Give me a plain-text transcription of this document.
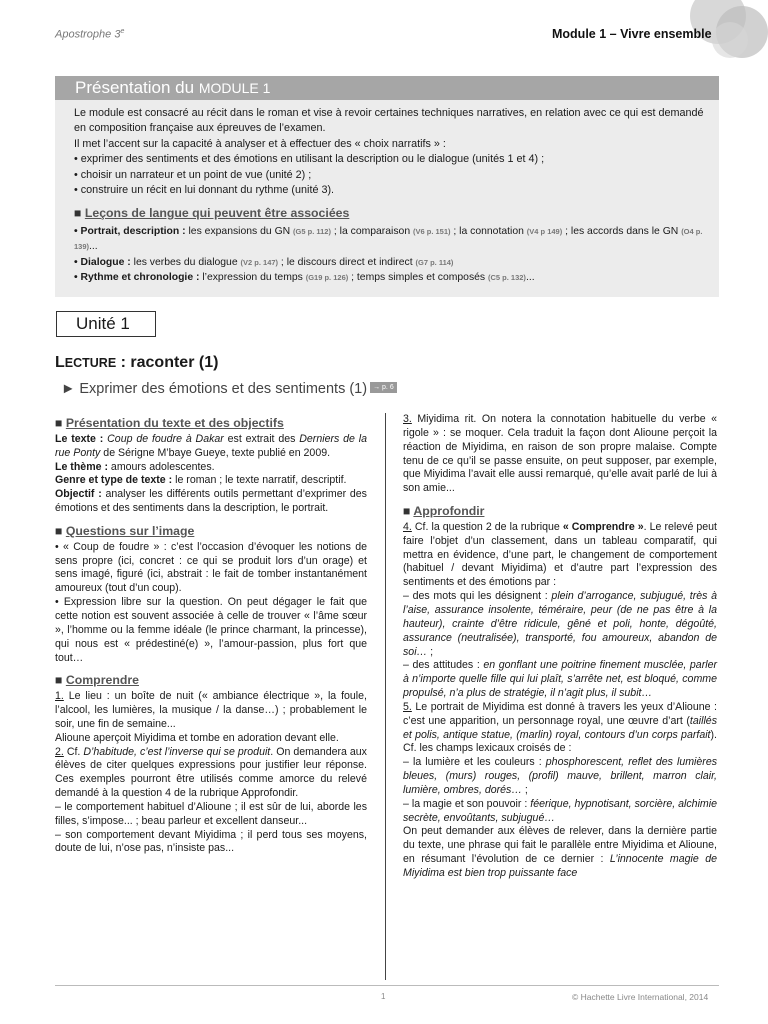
Apostrophe 3e	Module 1 – Vivre ensemble
Présentation du MODULE 1

Le module est consacré au récit dans le roman et vise à revoir certaines techniques narratives, en relation avec ce qui est demandé en composition française aux épreuves de l’examen.

Il met l’accent sur la capacité à analyser et à effectuer des « choix narratifs » :

• exprimer des sentiments et des émotions en utilisant la description ou le dialogue (unités 1 et 4) ;

• choisir un narrateur et un point de vue (unité 2) ;

• construire un récit en lui donnant du rythme (unité 3).

■ Leçons de langue qui peuvent être associées

• Portrait, description : les expansions du GN (G5 p. 112) ; la comparaison (V6 p. 151) ; la connotation (V4 p 149) ; les accords dans le GN (O4 p. 139)...

• Dialogue : les verbes du dialogue (V2 p. 147) ; le discours direct et indirect (G7 p. 114)

• Rythme et chronologie : l’expression du temps (G19 p. 126) ; temps simples et composés (C5 p. 132)...

Unité 1
LECTURE : raconter (1)
► Exprimer des émotions et des sentiments (1) → p. 6

■ Présentation du texte et des objectifs

Le texte : Coup de foudre à Dakar est extrait des Derniers de la rue Ponty de Sérigne M’baye Gueye, texte publié en 2009.

Le thème : amours adolescentes.

Genre et type de texte : le roman ; le texte narratif, descriptif.

Objectif : analyser les différents outils permettant d’exprimer des émotions et des sentiments dans la description, le portrait.

■ Questions sur l’image

• « Coup de foudre » : c’est l’occasion d’évoquer les notions de sens propre (ici, concret : ce qui se produit lors d’un orage) et sens imagé, figuré (ici, abstrait : le fait de tomber instantanément amoureux (tout d’un coup).

• Expression libre sur la question. On peut dégager le fait que cette notion est souvent associée à celle de trouver « l’âme sœur », l’homme ou la femme idéale (le prince charmant, la princesse), qui nous est « prédestiné(e) », l’amour-passion, plus fort que tout…

■ Comprendre

1. Le lieu : un boîte de nuit (« ambiance électrique », la foule, l’alcool, les lumières, la musique / la danse…) ; probablement le soir, une fin de semaine...

Alioune aperçoit Miyidima et tombe en adoration devant elle.

2. Cf. D’habitude, c’est l’inverse qui se produit. On demandera aux élèves de citer quelques expressions pour justifier leur réponse. Ces exemples pourront être utilisés comme amorce du relevé demandé à la question 4 de la rubrique Approfondir.

– le comportement habituel d’Alioune ; il est sûr de lui, aborde les filles, s’impose... ; beau parleur et excellent danseur...

– son comportement devant Miyidima ; il perd tous ses moyens, doute de lui, n’ose pas, n’insiste pas...

3. Miyidima rit. On notera la connotation habituelle du verbe « rigole » : se moquer. Cela traduit la façon dont Alioune perçoit la réaction de Miyidima, en raison de son propre malaise. Compte tenu de ce qu’il se passe ensuite, on peut supposer, par exemple, que Miyidima l’avait elle aussi remarqué, qu’elle avait parlé de lui à son amie...

■ Approfondir

4. Cf. la question 2 de la rubrique « Comprendre ». Le relevé peut faire l’objet d’un classement, dans un tableau comparatif, qui mettra en évidence, d’une part, le changement de comportement (habituel / devant Miyidima) et d’autre part l’expression des sentiments et des émotions par :

– des mots qui les désignent : plein d’arrogance, subjugué, très à l’aise, assurance insolente, téméraire, peur (de ne pas être à la hauteur), crainte d’être ridicule, gêné et poli, honte, dégoûté, assurance (neutralisée), transporté, fou amoureux, abandon de soi… ;

– des attitudes : en gonflant une poitrine finement musclée, parler à n’importe quelle fille qui lui plaît, s’arrête net, est bloqué, comme propulsé, n’a plus de stratégie, il n’agit plus, il subit…

5. Le portrait de Miyidima est donné à travers les yeux d’Alioune : c’est une apparition, un personnage royal, une œuvre d’art (taillés et polis, antique statue, (marlin) royal, contours d’un corps parfait). Cf. les champs lexicaux croisés de :

– la lumière et les couleurs : phosphorescent, reflet des lumières bleues, (murs) rouges, (profil) mauve, brillent, marron clair, lumière, ombres, dorés… ;

– la magie et son pouvoir : féerique, hypnotisant, sorcière, alchimie secrète, envoûtants, subjugué…

On peut demander aux élèves de relever, dans la dernière partie du texte, une phrase qui fait le parallèle entre Miyidima et Alioune, en résumant l’évolution de ce dernier : L’innocente magie de Miyidima est bien trop puissante face

1	© Hachette Livre International, 2014
